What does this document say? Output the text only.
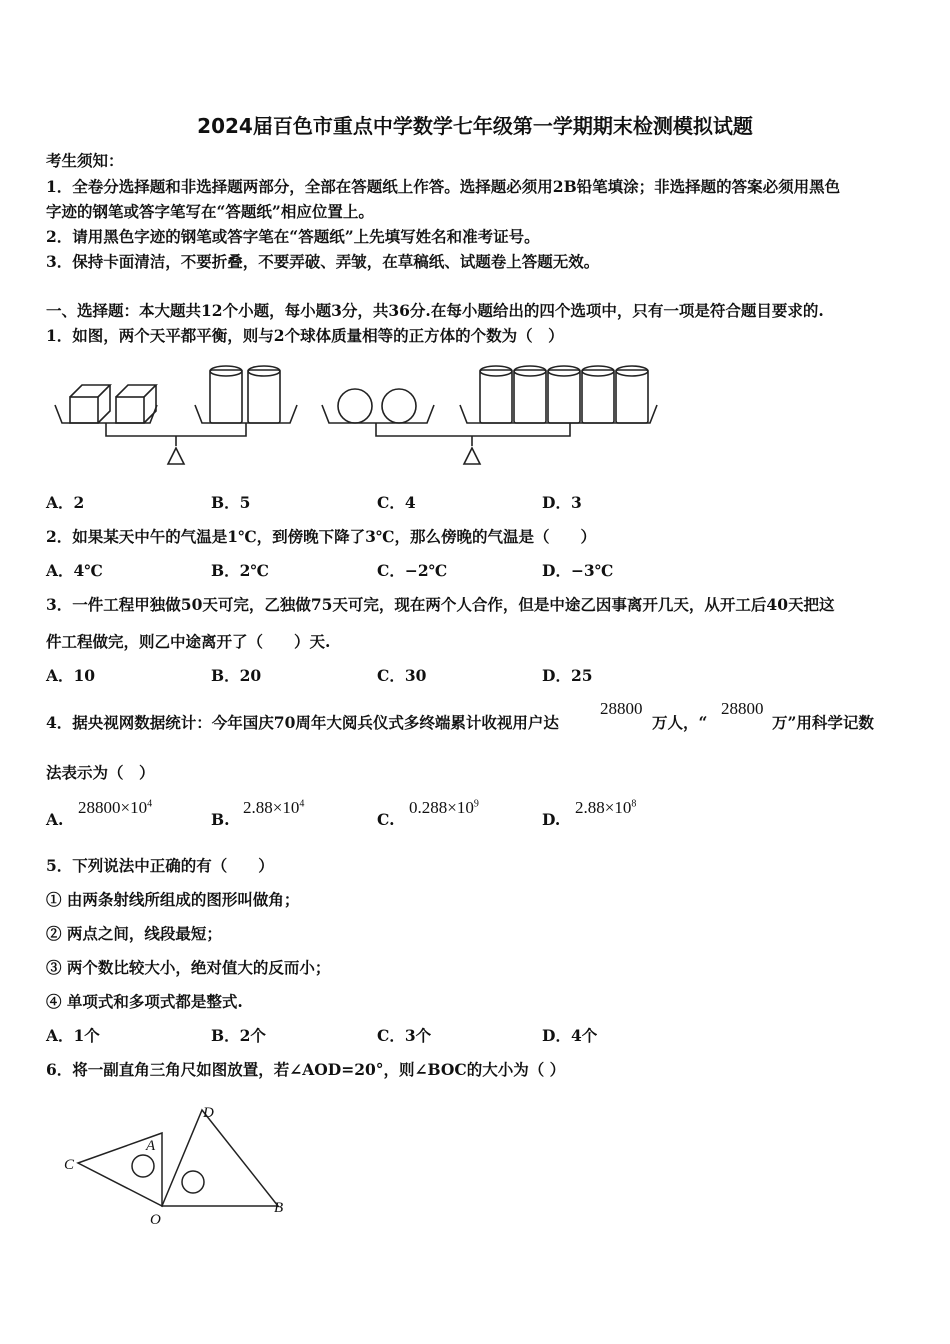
2024届百色市重点中学数学七年级第一学期期末检测模拟试题
考生须知：
1．全卷分选择题和非选择题两部分，全部在答题纸上作答。选择题必须用2B铅笔填涂；非选择题的答案必须用黑色
字迹的钢笔或答字笔写在“答题纸”相应位置上。
2．请用黑色字迹的钢笔或答字笔在“答题纸”上先填写姓名和准考证号。
3．保持卡面清洁，不要折叠，不要弄破、弄皱，在草稿纸、试题卷上答题无效。
一、选择题：本大题共12个小题，每小题3分，共36分.在每小题给出的四个选项中，只有一项是符合题目要求的.
1．如图，两个天平都平衡，则与2个球体质量相等的正方体的个数为（　）
A．2	B．5	C．4	D．3
2．如果某天中午的气温是1℃，到傍晚下降了3℃，那么傍晚的气温是（　　）
A．4℃	B．2℃	C．−2℃	D．−3℃
3．一件工程甲独做50天可完，乙独做75天可完，现在两个人合作，但是中途乙因事离开几天，从开工后40天把这
件工程做完，则乙中途离开了（　　）天.
A．10	B．20	C．30	D．25
4．据央视网数据统计：今年国庆70周年大阅兵仪式多终端累计收视用户达
28800
万人，“
28800
万”用科学记数
法表示为（　）
A.
$28800\times 10^4$
B.
$2.88\times 10^4$
C.
$0.288\times 10^9$
D.
$2.88\times 10^8$
5．下列说法中正确的有（　　）
① 由两条射线所组成的图形叫做角；
② 两点之间，线段最短；
③ 两个数比较大小，绝对值大的反而小；
④ 单项式和多项式都是整式.
A．1个	B．2个	C．3个	D．4个
6．将一副直角三角尺如图放置，若∠AOD=20°，则∠BOC的大小为（ ）
D
A
C
O
B
